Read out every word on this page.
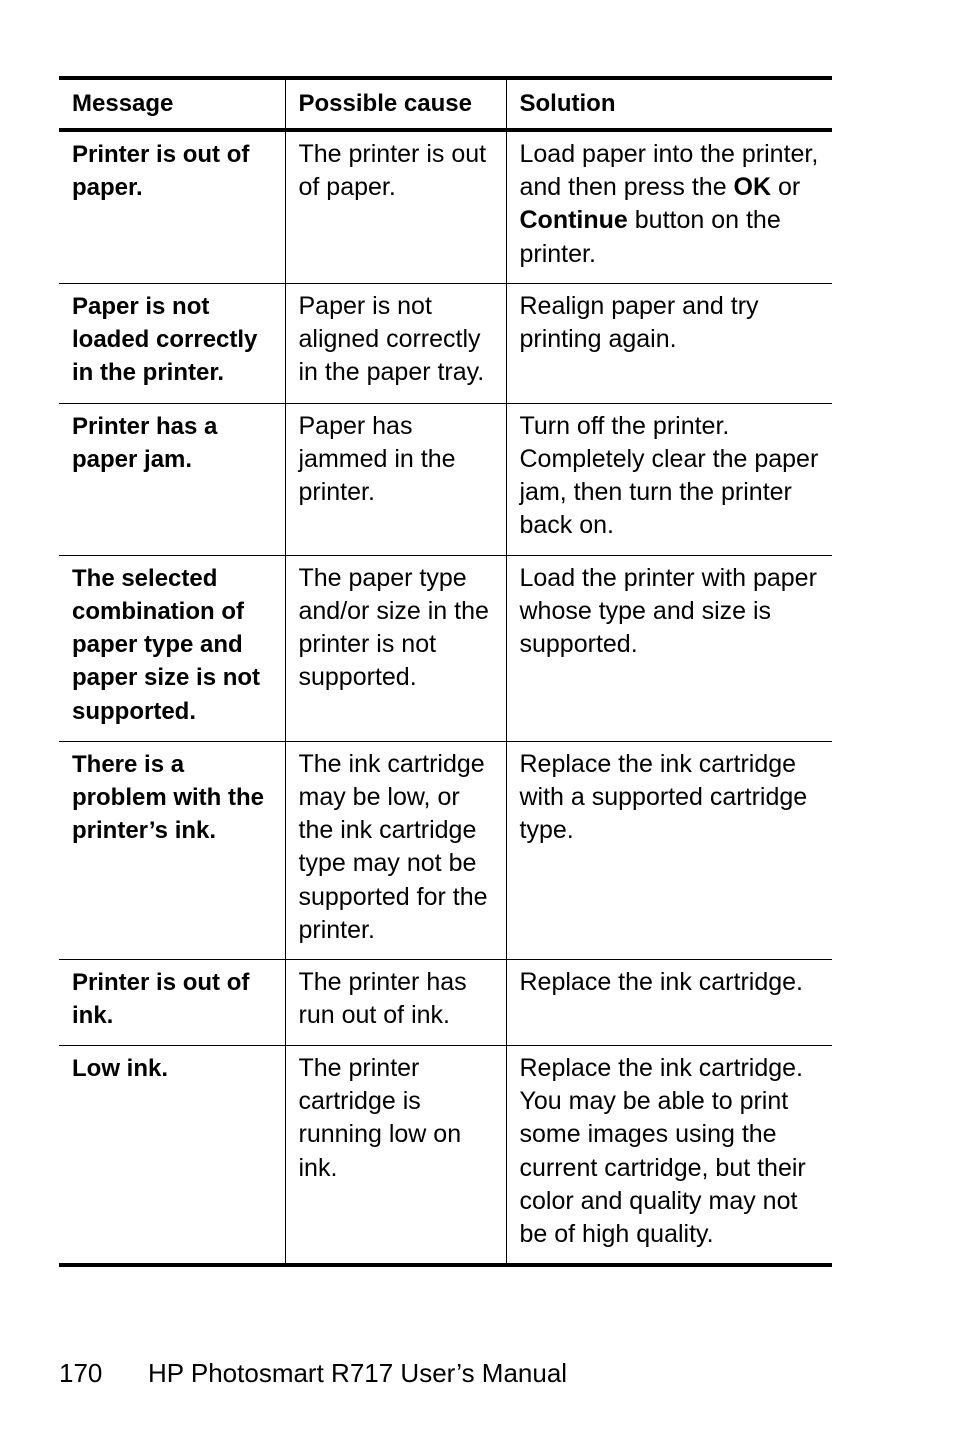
Message	Possible cause	Solution
Printer is out of paper.	The printer is out of paper.	Load paper into the printer, and then press the OK or Continue button on the printer.
Paper is not loaded correctly in the printer.	Paper is not aligned correctly in the paper tray.	Realign paper and try printing again.
Printer has a paper jam.	Paper has jammed in the printer.	Turn off the printer. Completely clear the paper jam, then turn the printer back on.
The selected combination of paper type and paper size is not supported.	The paper type and/or size in the printer is not supported.	Load the printer with paper whose type and size is supported.
There is a problem with the printer’s ink.	The ink cartridge may be low, or the ink cartridge type may not be supported for the printer.	Replace the ink cartridge with a supported cartridge type.
Printer is out of ink.	The printer has run out of ink.	Replace the ink cartridge.
Low ink.	The printer cartridge is running low on ink.	Replace the ink cartridge. You may be able to print some images using the current cartridge, but their color and quality may not be of high quality.
170 HP Photosmart R717 User’s Manual
